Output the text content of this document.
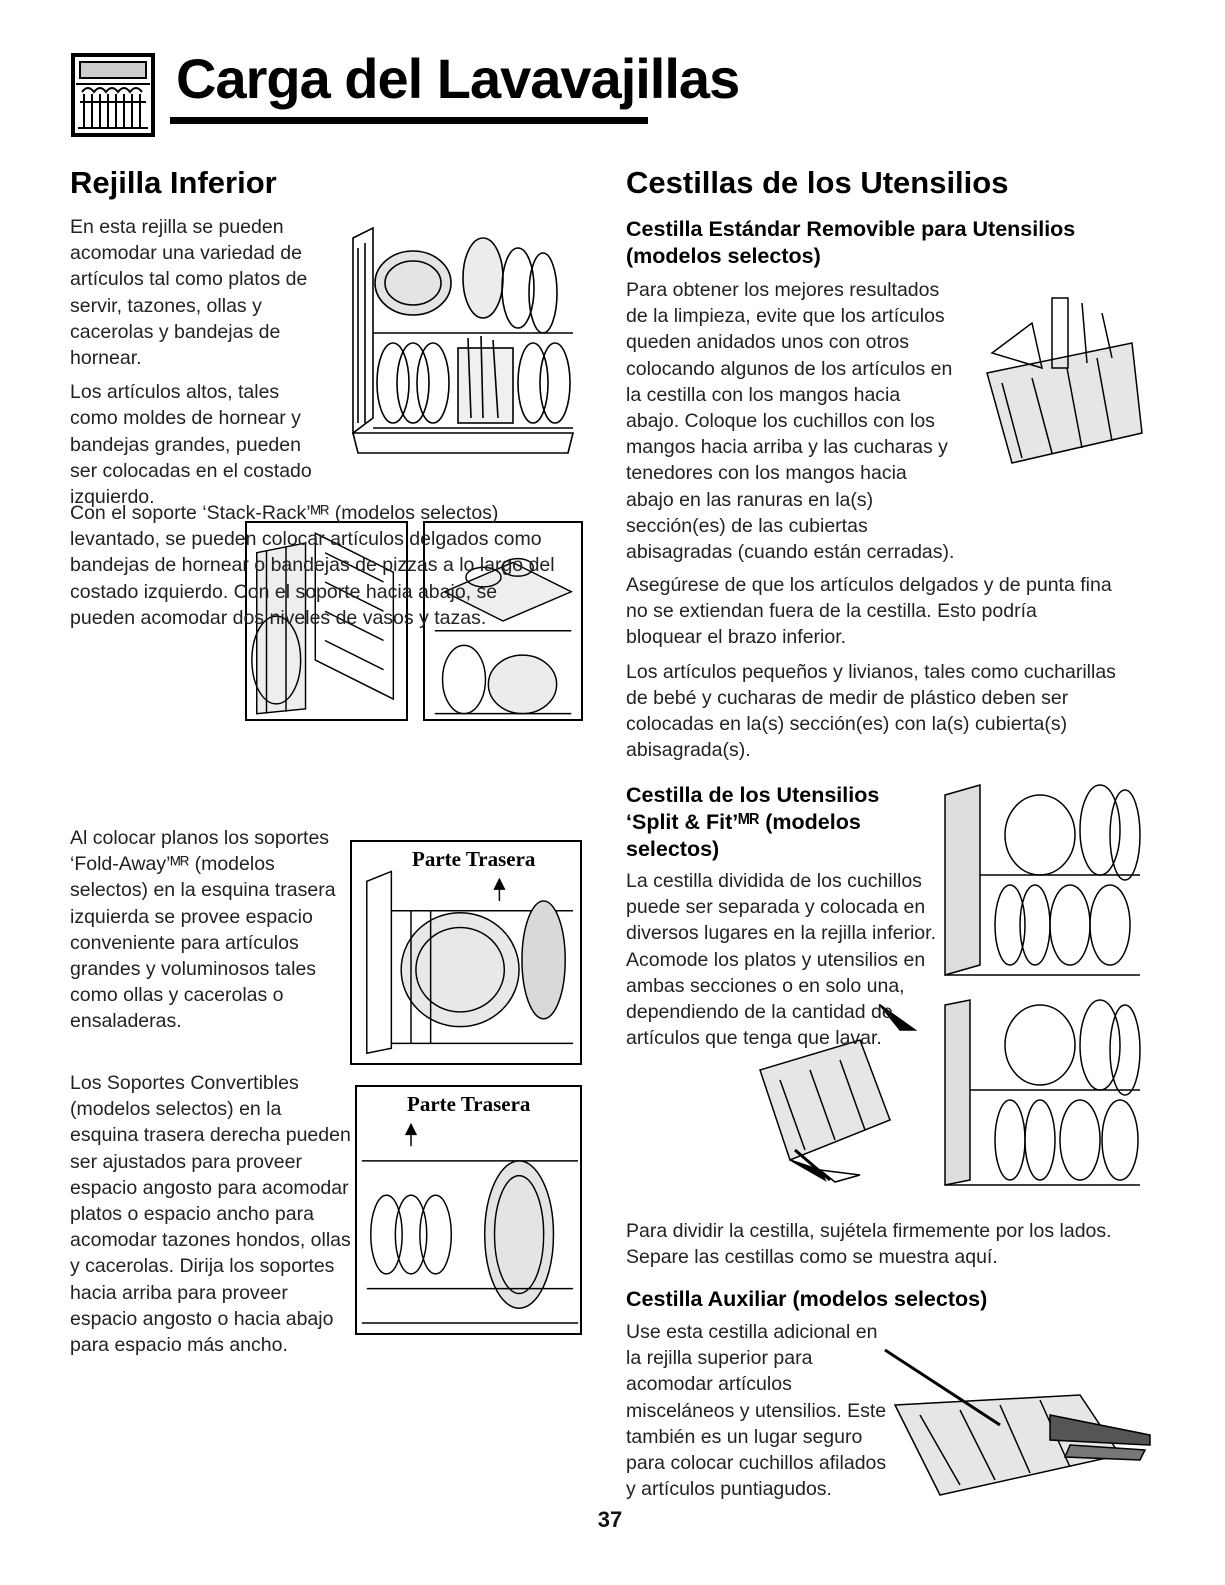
Carga del Lavavajillas
Rejilla Inferior

En esta rejilla se pueden acomodar una variedad de artículos tal como platos de servir, tazones, ollas y cacerolas y bandejas de hornear.

Los artículos altos, tales como moldes de hornear y bandejas grandes, pueden ser colocadas en el costado izquierdo.

Con el soporte ‘Stack-Rack’ᴹᴿ (modelos selectos) levantado, se pueden colocar artículos delgados como bandejas de hornear o bandejas de pizzas a lo largo del costado izquierdo. Con el soporte hacia abajo, se pueden acomodar dos niveles de vasos y tazas.

Parte Trasera
Parte Trasera

Al colocar planos los soportes ‘Fold-Away’ᴹᴿ (modelos selectos) en la esquina trasera izquierda se provee espacio conveniente para artículos grandes y voluminosos tales como ollas y cacerolas o ensaladeras.

Los Soportes Convertibles (modelos selectos) en la esquina trasera derecha pueden ser ajustados para proveer espacio angosto para acomodar platos o espacio ancho para acomodar tazones hondos, ollas y cacerolas. Dirija los soportes hacia arriba para proveer espacio angosto o hacia abajo para espacio más ancho.

Cestillas de los Utensilios
Cestilla Estándar Removible para Utensilios (modelos selectos)

Para obtener los mejores resultados de la limpieza, evite que los artículos queden anidados unos con otros colocando algunos de los artículos en la cestilla con los mangos hacia abajo. Coloque los cuchillos con los mangos hacia arriba y las cucharas y tenedores con los mangos hacia abajo en las ranuras en la(s) sección(es) de las cubiertas abisagradas (cuando están cerradas).

Asegúrese de que los artículos delgados y de punta fina no se extiendan fuera de la cestilla. Esto podría bloquear el brazo inferior.

Los artículos pequeños y livianos, tales como cucharillas de bebé y cucharas de medir de plástico deben ser colocadas en la(s) sección(es) con la(s) cubierta(s) abisagrada(s).

Cestilla de los Utensilios ‘Split & Fit’ᴹᴿ (modelos selectos)

La cestilla dividida de los cuchillos puede ser separada y colocada en diversos lugares en la rejilla inferior. Acomode los platos y utensilios en ambas secciones o en solo una, dependiendo de la cantidad de artículos que tenga que lavar.

Para dividir la cestilla, sujétela firmemente por los lados. Separe las cestillas como se muestra aquí.

Cestilla Auxiliar (modelos selectos)

Use esta cestilla adicional en la rejilla superior para acomodar artículos misceláneos y utensilios. Este también es un lugar seguro para colocar cuchillos afilados y artículos puntiagudos.

37
